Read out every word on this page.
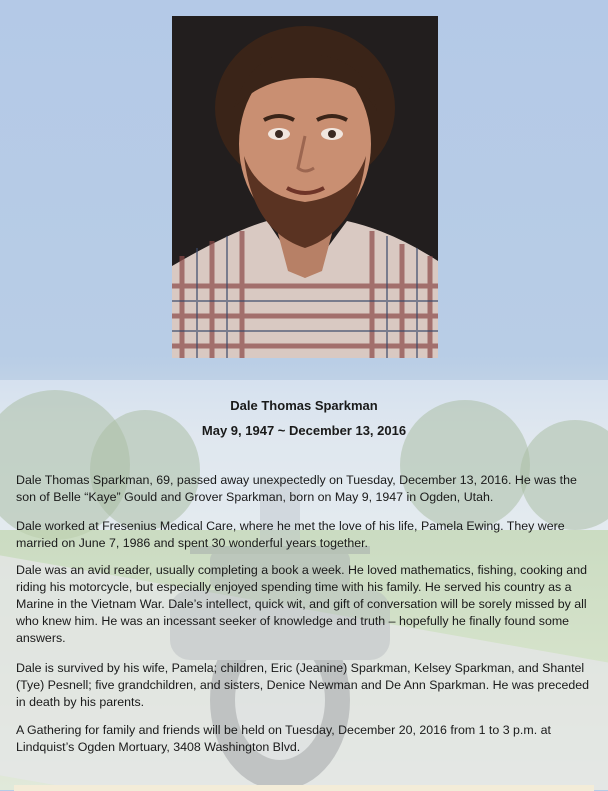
Dale Thomas Sparkman
May 9, 1947 ~ December 13, 2016

Dale Thomas Sparkman, 69, passed away unexpectedly on Tuesday, December 13, 2016. He was the son of Belle “Kaye” Gould and Grover Sparkman, born on May 9, 1947 in Ogden, Utah.

Dale worked at Fresenius Medical Care, where he met the love of his life, Pamela Ewing. They were married on June 7, 1986 and spent 30 wonderful years together.

Dale was an avid reader, usually completing a book a week. He loved mathematics, fishing, cooking and riding his motorcycle, but especially enjoyed spending time with his family. He served his country as a Marine in the Vietnam War. Dale’s intellect, quick wit, and gift of conversation will be sorely missed by all who knew him. He was an incessant seeker of knowledge and truth – hopefully he finally found some answers.

Dale is survived by his wife, Pamela; children, Eric (Jeanine) Sparkman, Kelsey Sparkman, and Shantel (Tye) Pesnell; five grandchildren, and sisters, Denice Newman and De Ann Sparkman. He was preceded in death by his parents.

A Gathering for family and friends will be held on Tuesday, December 20, 2016 from 1 to 3 p.m. at Lindquist’s Ogden Mortuary, 3408 Washington Blvd.
